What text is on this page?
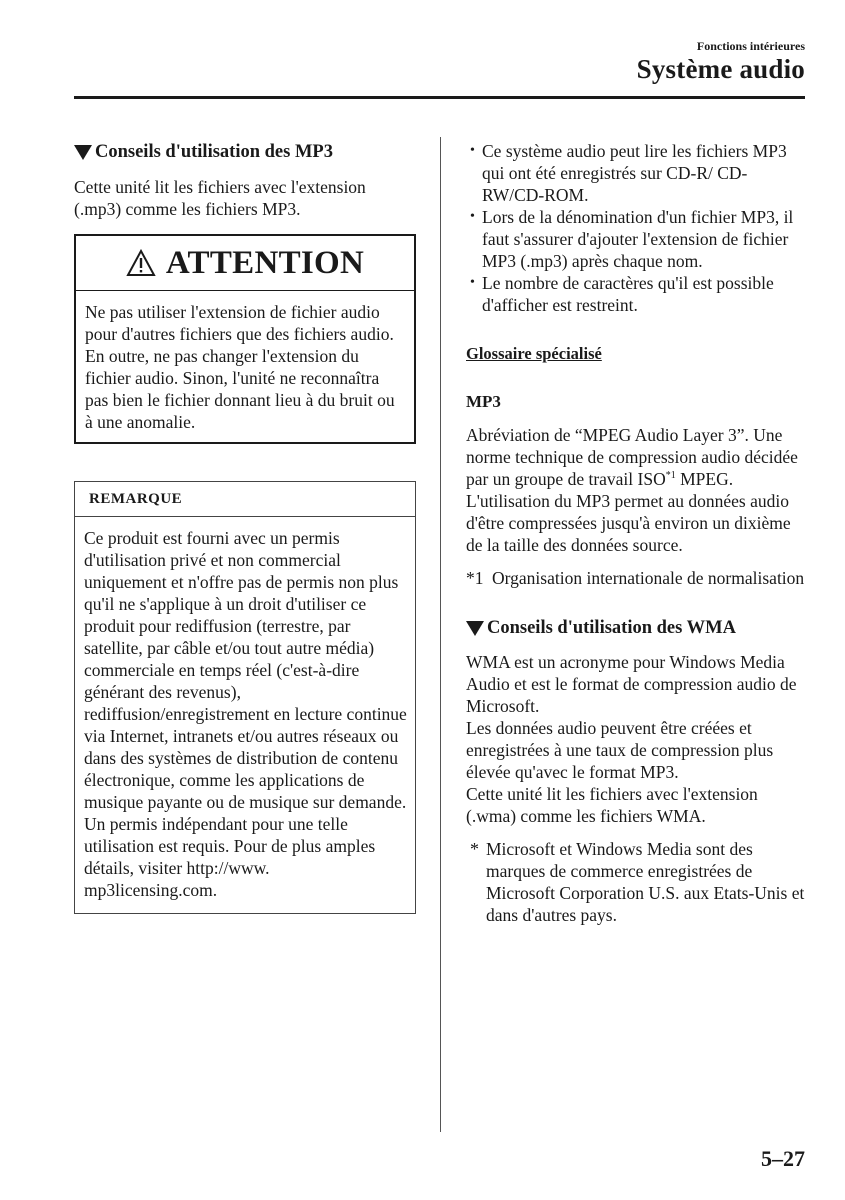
Fonctions intérieures
Système audio
Conseils d'utilisation des MP3

Cette unité lit les fichiers avec l'extension (.mp3) comme les fichiers MP3.

ATTENTION

Ne pas utiliser l'extension de fichier audio pour d'autres fichiers que des fichiers audio. En outre, ne pas changer l'extension du fichier audio. Sinon, l'unité ne reconnaîtra pas bien le fichier donnant lieu à du bruit ou à une anomalie.

REMARQUE

Ce produit est fourni avec un permis d'utilisation privé et non commercial uniquement et n'offre pas de permis non plus qu'il ne s'applique à un droit d'utiliser ce produit pour rediffusion (terrestre, par satellite, par câble et/ou tout autre média) commerciale en temps réel (c'est-à-dire générant des revenus), rediffusion/enregistrement en lecture continue via Internet, intranets et/ou autres réseaux ou dans des systèmes de distribution de contenu électronique, comme les applications de musique payante ou de musique sur demande. Un permis indépendant pour une telle utilisation est requis. Pour de plus amples détails, visiter http://www. mp3licensing.com.

• Ce système audio peut lire les fichiers MP3 qui ont été enregistrés sur CD-R/ CD-RW/CD-ROM.
• Lors de la dénomination d'un fichier MP3, il faut s'assurer d'ajouter l'extension de fichier MP3 (.mp3) après chaque nom.
• Le nombre de caractères qu'il est possible d'afficher est restreint.
Glossaire spécialisé
MP3

Abréviation de “MPEG Audio Layer 3”. Une norme technique de compression audio décidée par un groupe de travail ISO$^{*1}$ MPEG. L'utilisation du MP3 permet au données audio d'être compressées jusqu'à environ un dixième de la taille des données source.

*1 Organisation internationale de normalisation
Conseils d'utilisation des WMA

WMA est un acronyme pour Windows Media Audio et est le format de compression audio de Microsoft.

Les données audio peuvent être créées et enregistrées à une taux de compression plus élevée qu'avec le format MP3.

Cette unité lit les fichiers avec l'extension (.wma) comme les fichiers WMA.

* Microsoft et Windows Media sont des marques de commerce enregistrées de Microsoft Corporation U.S. aux Etats-Unis et dans d'autres pays.
5–27
